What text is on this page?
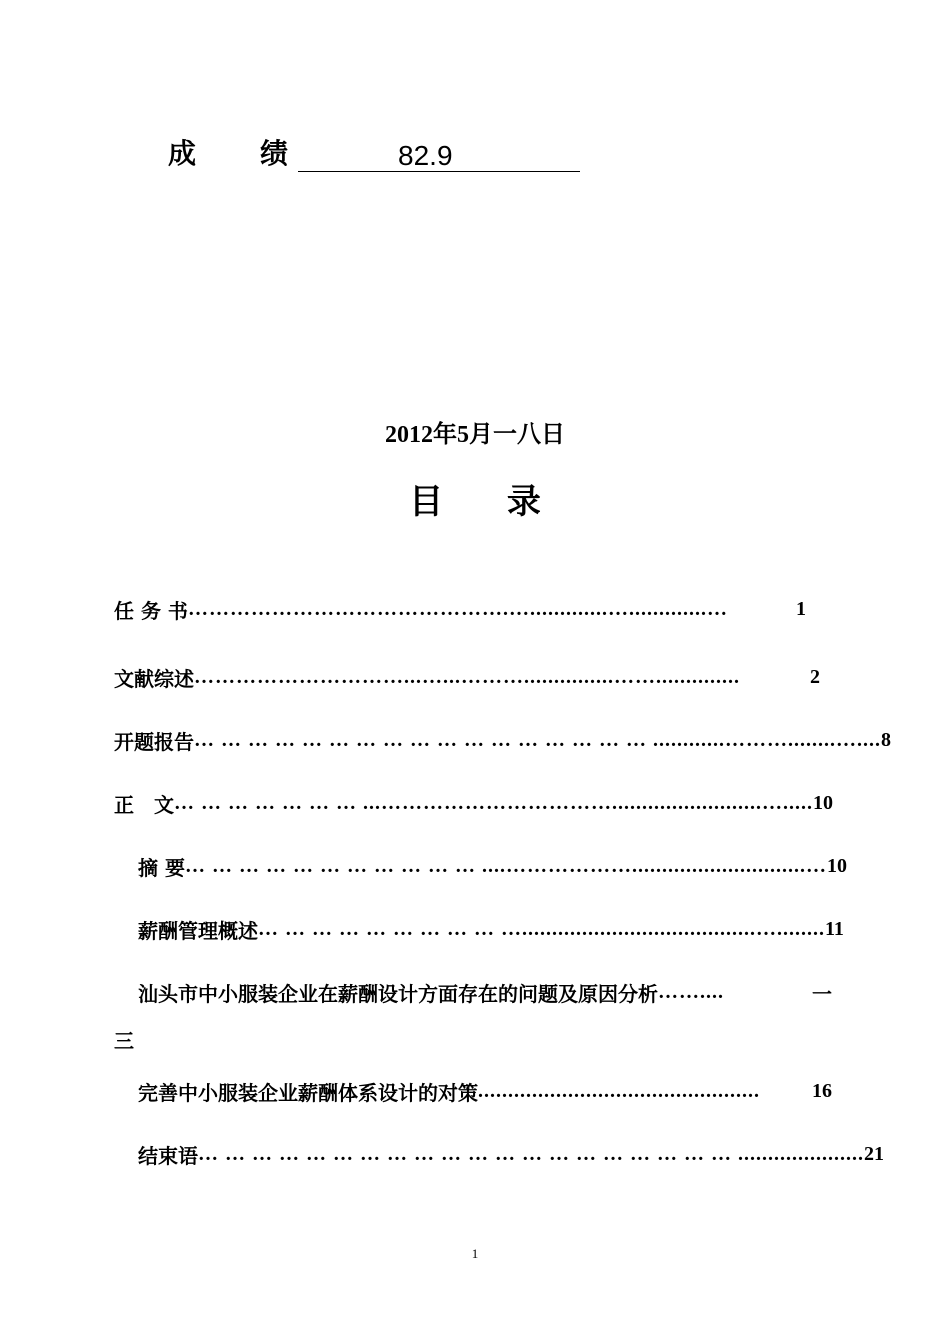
成 绩	82.9
2012年5月一八日
目 录
任 务 书 ……………………………………….….............….............…	1
文献综述 …………………………...…...………...............……..............	2
开题报告 … … … … … … … … … … … … … … … … … ............………........….... 8
正　文 … … … … … … … ...…………………………….........................…..... 10
摘 要 … … … … … … … … … … … ....……………….............................… 10
薪酬管理概述 … … … … … … … … … ….......................................…........ 11
汕头市中小服装企业在薪酬设计方面存在的问题及原因分析 ……....	一
三
完善中小服装企业薪酬体系设计的对策 ...............................................	16
结束语 … … … … … … … … … … … … … … … … … … … … ..................... 21
1
